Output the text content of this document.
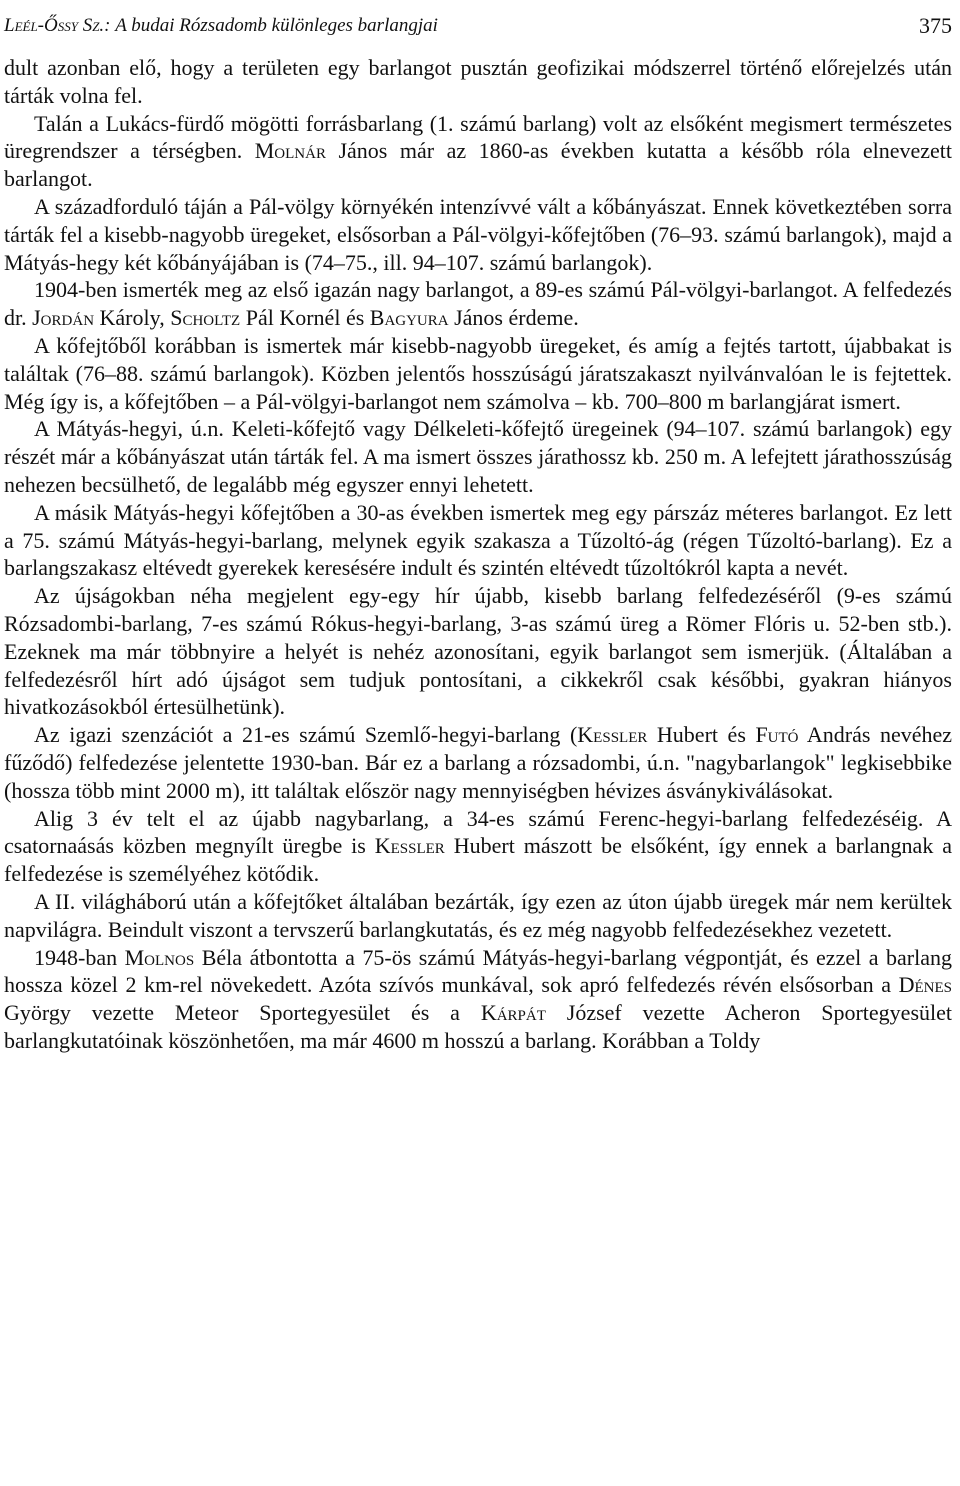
Leél-Őssy Sz.: A budai Rózsadomb különleges barlangjai	375

dult azonban elő, hogy a területen egy barlangot pusztán geofizikai módszerrel történő előrejelzés után tárták volna fel.

Talán a Lukács-fürdő mögötti forrásbarlang (1. számú barlang) volt az elsőként megismert természetes üregrendszer a térségben. Molnár János már az 1860-as években kutatta a később róla elnevezett barlangot.

A századforduló táján a Pál-völgy környékén intenzívvé vált a kőbányászat. Ennek következtében sorra tárták fel a kisebb-nagyobb üregeket, elsősorban a Pál-völgyi-kőfejtőben (76–93. számú barlangok), majd a Mátyás-hegy két kőbányájában is (74–75., ill. 94–107. számú barlangok).

1904-ben ismerték meg az első igazán nagy barlangot, a 89-es számú Pál-völgyi-barlangot. A felfedezés dr. Jordán Károly, Scholtz Pál Kornél és Bagyura János érdeme.

A kőfejtőből korábban is ismertek már kisebb-nagyobb üregeket, és amíg a fejtés tartott, újabbakat is találtak (76–88. számú barlangok). Közben jelentős hosszúságú járatszakaszt nyilvánvalóan le is fejtettek. Még így is, a kőfejtőben – a Pál-völgyi-barlangot nem számolva – kb. 700–800 m barlangjárat ismert.

A Mátyás-hegyi, ú.n. Keleti-kőfejtő vagy Délkeleti-kőfejtő üregeinek (94–107. számú barlangok) egy részét már a kőbányászat után tárták fel. A ma ismert összes járathossz kb. 250 m. A lefejtett járathosszúság nehezen becsülhető, de legalább még egyszer ennyi lehetett.

A másik Mátyás-hegyi kőfejtőben a 30-as években ismertek meg egy párszáz méteres barlangot. Ez lett a 75. számú Mátyás-hegyi-barlang, melynek egyik szakasza a Tűzoltó-ág (régen Tűzoltó-barlang). Ez a barlangszakasz eltévedt gyerekek keresésére indult és szintén eltévedt tűzoltókról kapta a nevét.

Az újságokban néha megjelent egy-egy hír újabb, kisebb barlang felfedezéséről (9-es számú Rózsadombi-barlang, 7-es számú Rókus-hegyi-barlang, 3-as számú üreg a Römer Flóris u. 52-ben stb.). Ezeknek ma már többnyire a helyét is nehéz azonosítani, egyik barlangot sem ismerjük. (Általában a felfedezésről hírt adó újságot sem tudjuk pontosítani, a cikkekről csak későbbi, gyakran hiányos hivatkozásokból értesülhetünk).

Az igazi szenzációt a 21-es számú Szemlő-hegyi-barlang (Kessler Hubert és Futó András nevéhez fűződő) felfedezése jelentette 1930-ban. Bár ez a barlang a rózsadombi, ú.n. "nagybarlangok" legkisebbike (hossza több mint 2000 m), itt találtak először nagy mennyiségben hévizes ásványkiválásokat.

Alig 3 év telt el az újabb nagybarlang, a 34-es számú Ferenc-hegyi-barlang felfedezéséig. A csatornaásás közben megnyílt üregbe is Kessler Hubert mászott be elsőként, így ennek a barlangnak a felfedezése is személyéhez kötődik.

A II. világháború után a kőfejtőket általában bezárták, így ezen az úton újabb üregek már nem kerültek napvilágra. Beindult viszont a tervszerű barlangkutatás, és ez még nagyobb felfedezésekhez vezetett.

1948-ban Molnos Béla átbontotta a 75-ös számú Mátyás-hegyi-barlang végpontját, és ezzel a barlang hossza közel 2 km-rel növekedett. Azóta szívós munkával, sok apró felfedezés révén elsősorban a Dénes György vezette Meteor Sportegyesület és a Kárpát József vezette Acheron Sportegyesület barlangkutatóinak köszönhetően, ma már 4600 m hosszú a barlang. Korábban a Toldy
